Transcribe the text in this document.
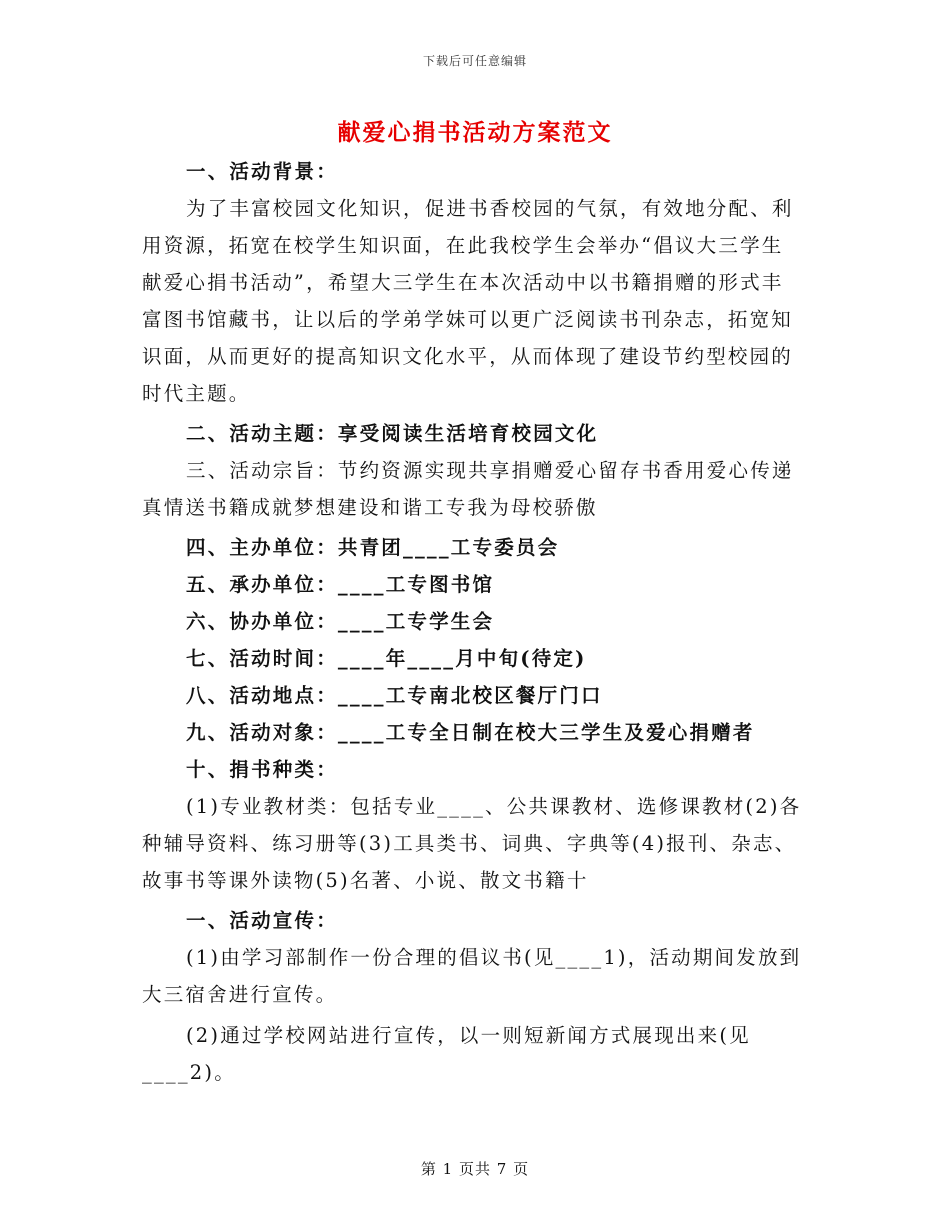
下载后可任意编辑
献爱心捐书活动方案范文
一、活动背景：
为了丰富校园文化知识，促进书香校园的气氛，有效地分配、利
用资源，拓宽在校学生知识面，在此我校学生会举办“倡议大三学生
献爱心捐书活动”，希望大三学生在本次活动中以书籍捐赠的形式丰
富图书馆藏书，让以后的学弟学妹可以更广泛阅读书刊杂志，拓宽知
识面，从而更好的提高知识文化水平，从而体现了建设节约型校园的
时代主题。
二、活动主题：享受阅读生活培育校园文化
三、活动宗旨：节约资源实现共享捐赠爱心留存书香用爱心传递
真情送书籍成就梦想建设和谐工专我为母校骄傲
四、主办单位：共青团____工专委员会
五、承办单位：____工专图书馆
六、协办单位：____工专学生会
七、活动时间：____年____月中旬(待定)
八、活动地点：____工专南北校区餐厅门口
九、活动对象：____工专全日制在校大三学生及爱心捐赠者
十、捐书种类：
(1)专业教材类：包括专业____、公共课教材、选修课教材(2)各
种辅导资料、练习册等(3)工具类书、词典、字典等(4)报刊、杂志、
故事书等课外读物(5)名著、小说、散文书籍十
一、活动宣传：
(1)由学习部制作一份合理的倡议书(见____1)，活动期间发放到
大三宿舍进行宣传。
(2)通过学校网站进行宣传，以一则短新闻方式展现出来(见
____2)。
第 1 页共 7 页
